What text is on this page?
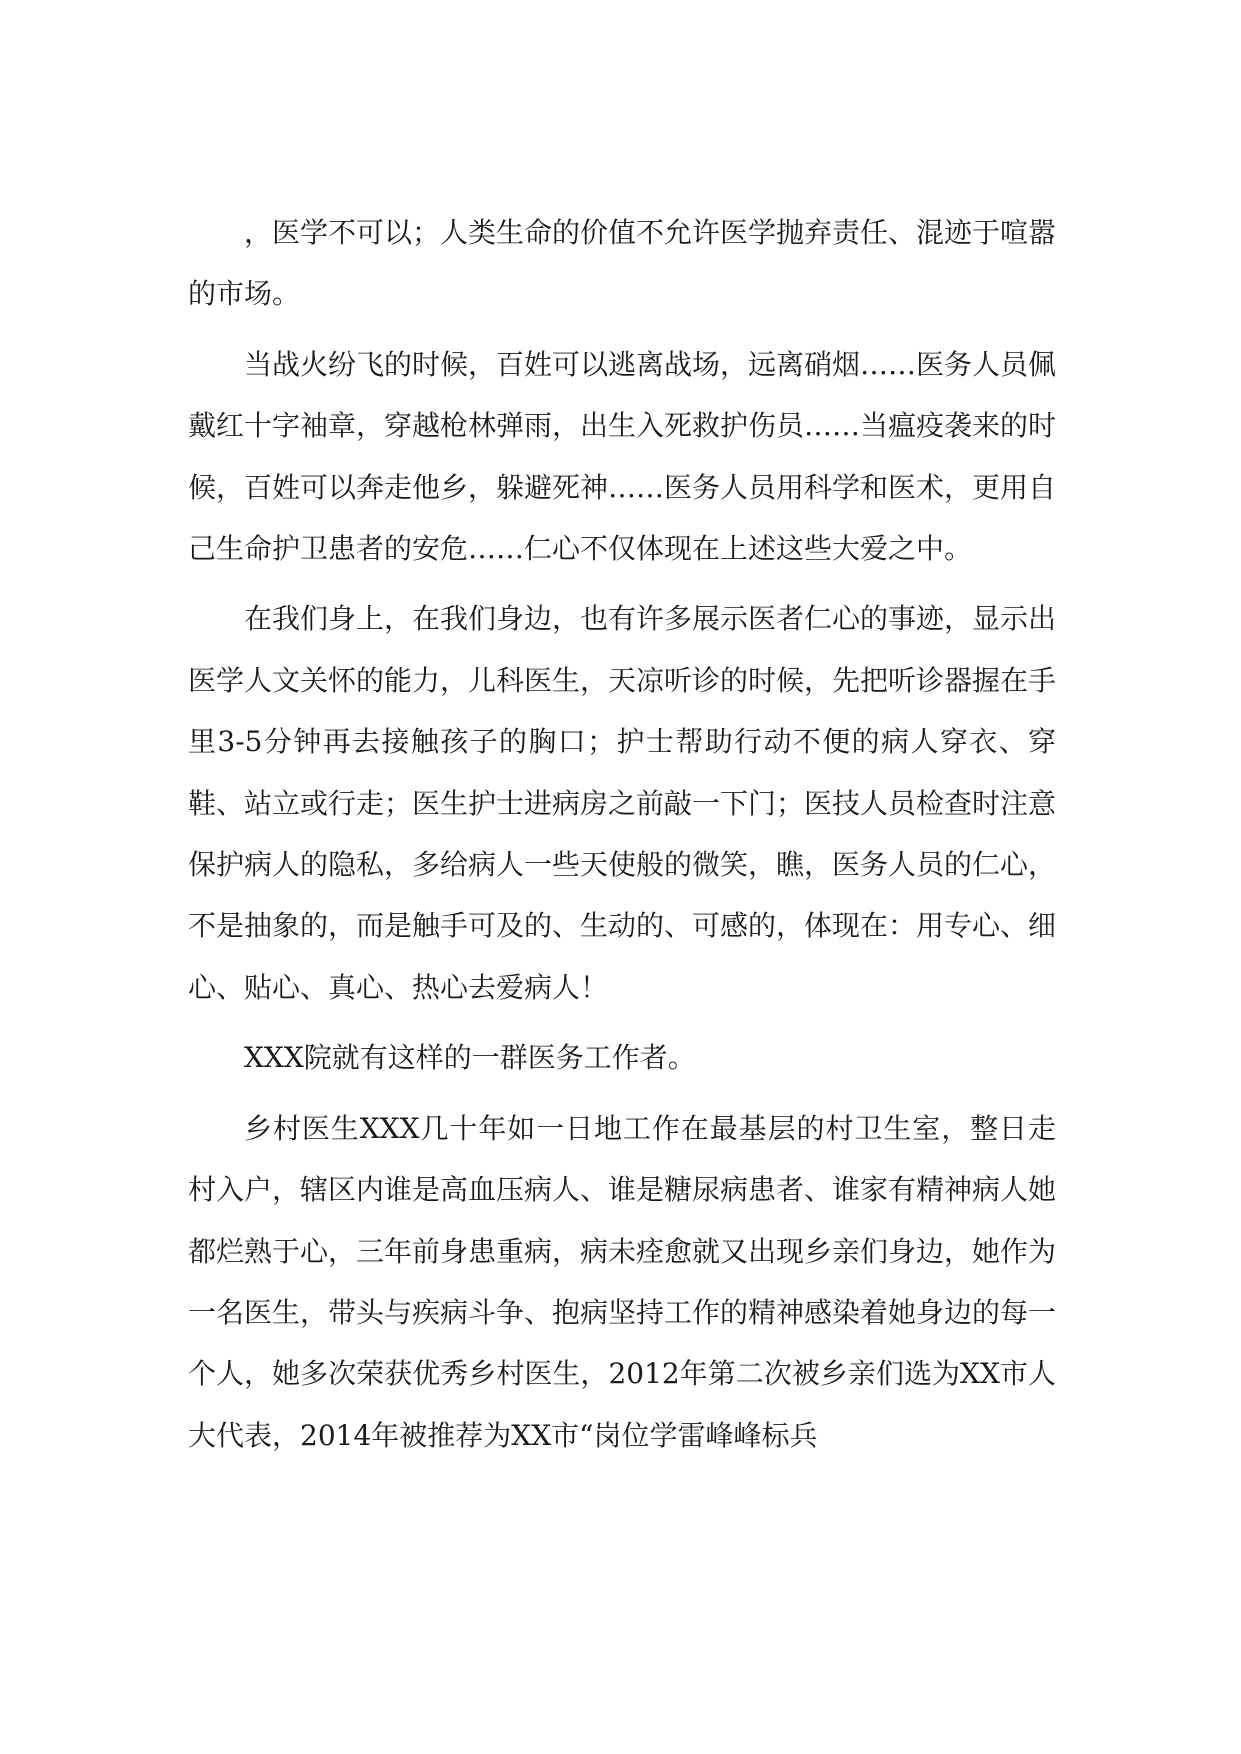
，医学不可以；人类生命的价值不允许医学抛弃责任、混迹于喧嚣的市场。

当战火纷飞的时候，百姓可以逃离战场，远离硝烟……医务人员佩戴红十字袖章，穿越枪林弹雨，出生入死救护伤员……当瘟疫袭来的时候，百姓可以奔走他乡，躲避死神……医务人员用科学和医术，更用自己生命护卫患者的安危……仁心不仅体现在上述这些大爱之中。

在我们身上，在我们身边，也有许多展示医者仁心的事迹，显示出医学人文关怀的能力，儿科医生，天凉听诊的时候，先把听诊器握在手里3-5分钟再去接触孩子的胸口；护士帮助行动不便的病人穿衣、穿鞋、站立或行走；医生护士进病房之前敲一下门；医技人员检查时注意保护病人的隐私，多给病人一些天使般的微笑，瞧，医务人员的仁心，不是抽象的，而是触手可及的、生动的、可感的，体现在：用专心、细心、贴心、真心、热心去爱病人！

XXX院就有这样的一群医务工作者。

乡村医生XXX几十年如一日地工作在最基层的村卫生室，整日走村入户，辖区内谁是高血压病人、谁是糖尿病患者、谁家有精神病人她都烂熟于心，三年前身患重病，病未痊愈就又出现乡亲们身边，她作为一名医生，带头与疾病斗争、抱病坚持工作的精神感染着她身边的每一个人，她多次荣获优秀乡村医生，2012年第二次被乡亲们选为XX市人大代表，2014年被推荐为XX市“岗位学雷峰峰标兵
